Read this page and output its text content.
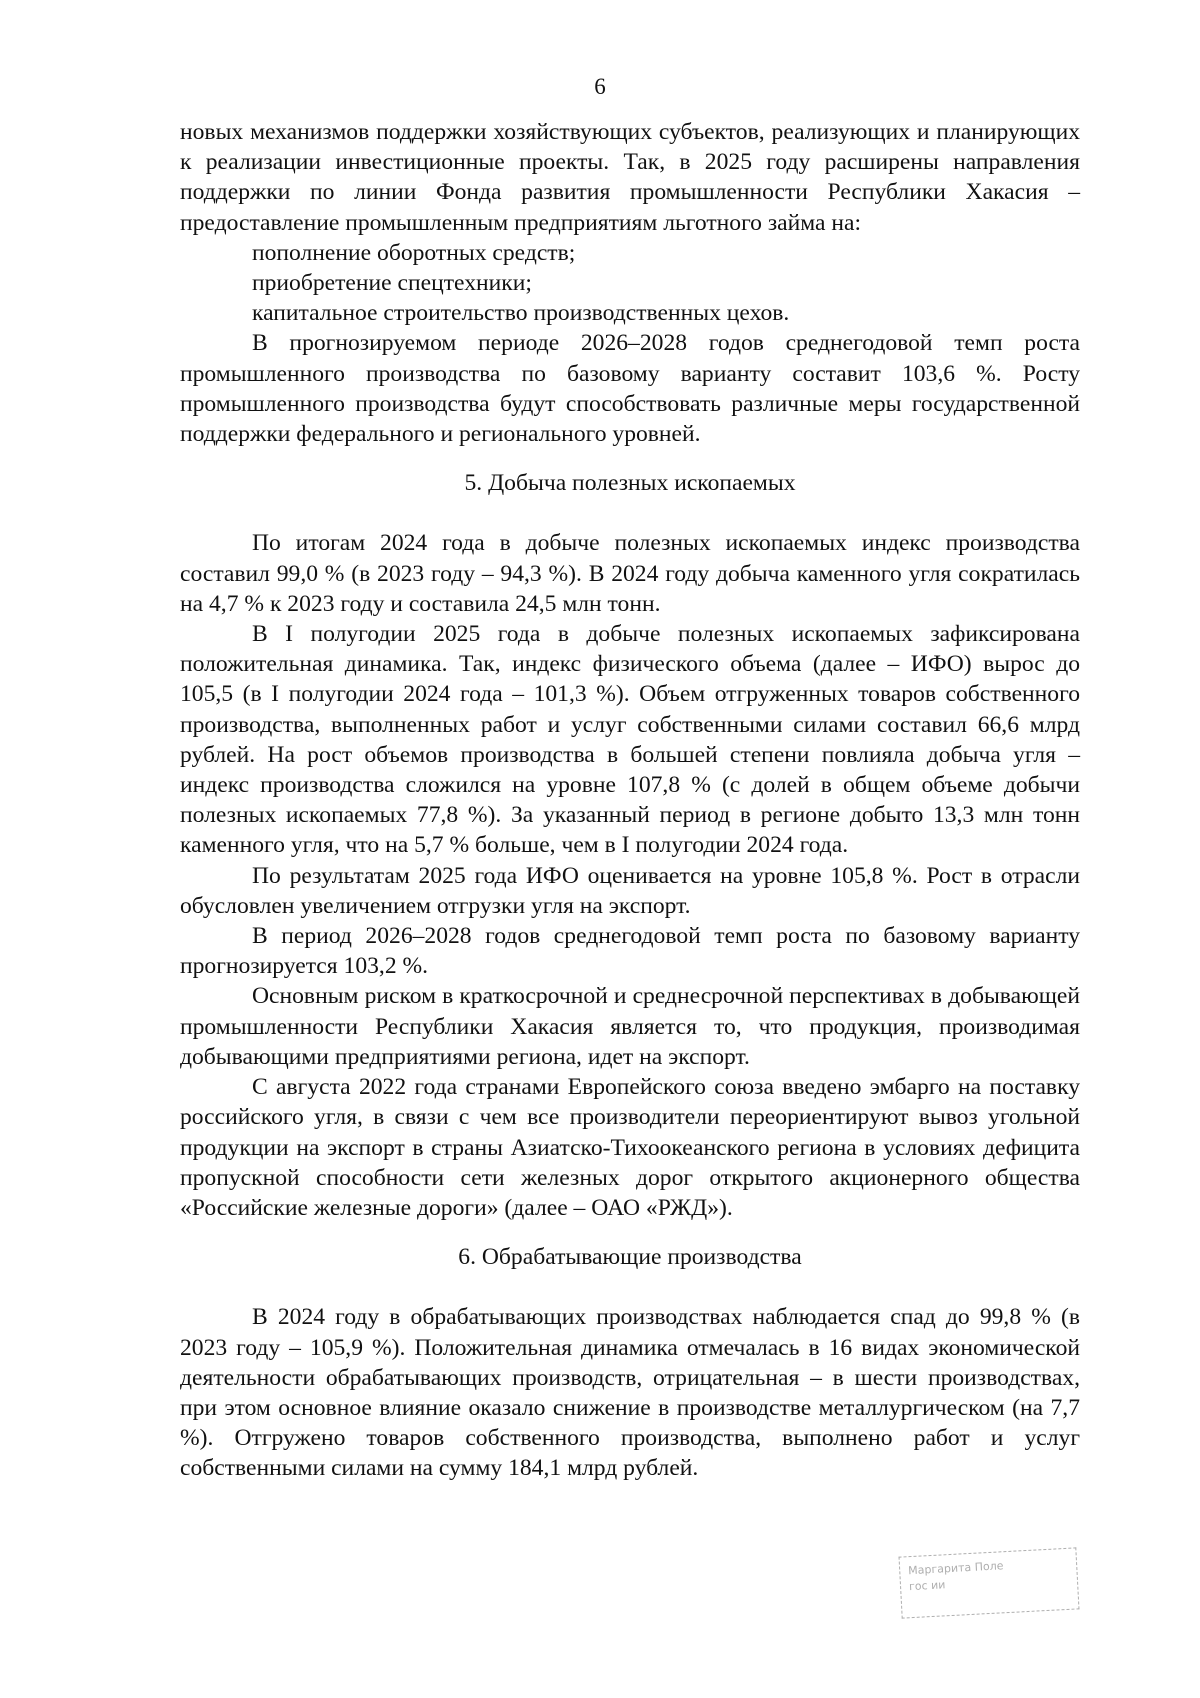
6

новых механизмов поддержки хозяйствующих субъектов, реализующих и планирующих к реализации инвестиционные проекты. Так, в 2025 году расширены направления поддержки по линии Фонда развития промышленности Республики Хакасия – предоставление промышленным предприятиям льготного займа на:

пополнение оборотных средств;

приобретение спецтехники;

капитальное строительство производственных цехов.

В прогнозируемом периоде 2026–2028 годов среднегодовой темп роста промышленного производства по базовому варианту составит 103,6 %. Росту промышленного производства будут способствовать различные меры государственной поддержки федерального и регионального уровней.

5. Добыча полезных ископаемых

По итогам 2024 года в добыче полезных ископаемых индекс производства составил 99,0 % (в 2023 году – 94,3 %). В 2024 году добыча каменного угля сократилась на 4,7 % к 2023 году и составила 24,5 млн тонн.

В I полугодии 2025 года в добыче полезных ископаемых зафиксирована положительная динамика. Так, индекс физического объема (далее – ИФО) вырос до 105,5 (в I полугодии 2024 года – 101,3 %). Объем отгруженных товаров собственного производства, выполненных работ и услуг собственными силами составил 66,6 млрд рублей. На рост объемов производства в большей степени повлияла добыча угля – индекс производства сложился на уровне 107,8 % (с долей в общем объеме добычи полезных ископаемых 77,8 %). За указанный период в регионе добыто 13,3 млн тонн каменного угля, что на 5,7 % больше, чем в I полугодии 2024 года.

По результатам 2025 года ИФО оценивается на уровне 105,8 %. Рост в отрасли обусловлен увеличением отгрузки угля на экспорт.

В период 2026–2028 годов среднегодовой темп роста по базовому варианту прогнозируется 103,2 %.

Основным риском в краткосрочной и среднесрочной перспективах в добывающей промышленности Республики Хакасия является то, что продукция, производимая добывающими предприятиями региона, идет на экспорт.

С августа 2022 года странами Европейского союза введено эмбарго на поставку российского угля, в связи с чем все производители переориентируют вывоз угольной продукции на экспорт в страны Азиатско-Тихоокеанского региона в условиях дефицита пропускной способности сети железных дорог открытого акционерного общества «Российские железные дороги» (далее – ОАО «РЖД»).

6. Обрабатывающие производства

В 2024 году в обрабатывающих производствах наблюдается спад до 99,8 % (в 2023 году – 105,9 %). Положительная динамика отмечалась в 16 видах экономической деятельности обрабатывающих производств, отрицательная – в шести производствах, при этом основное влияние оказало снижение в производстве металлургическом (на 7,7 %). Отгружено товаров собственного производства, выполнено работ и услуг собственными силами на сумму 184,1 млрд рублей.

Маргарита Поле
гос ии
